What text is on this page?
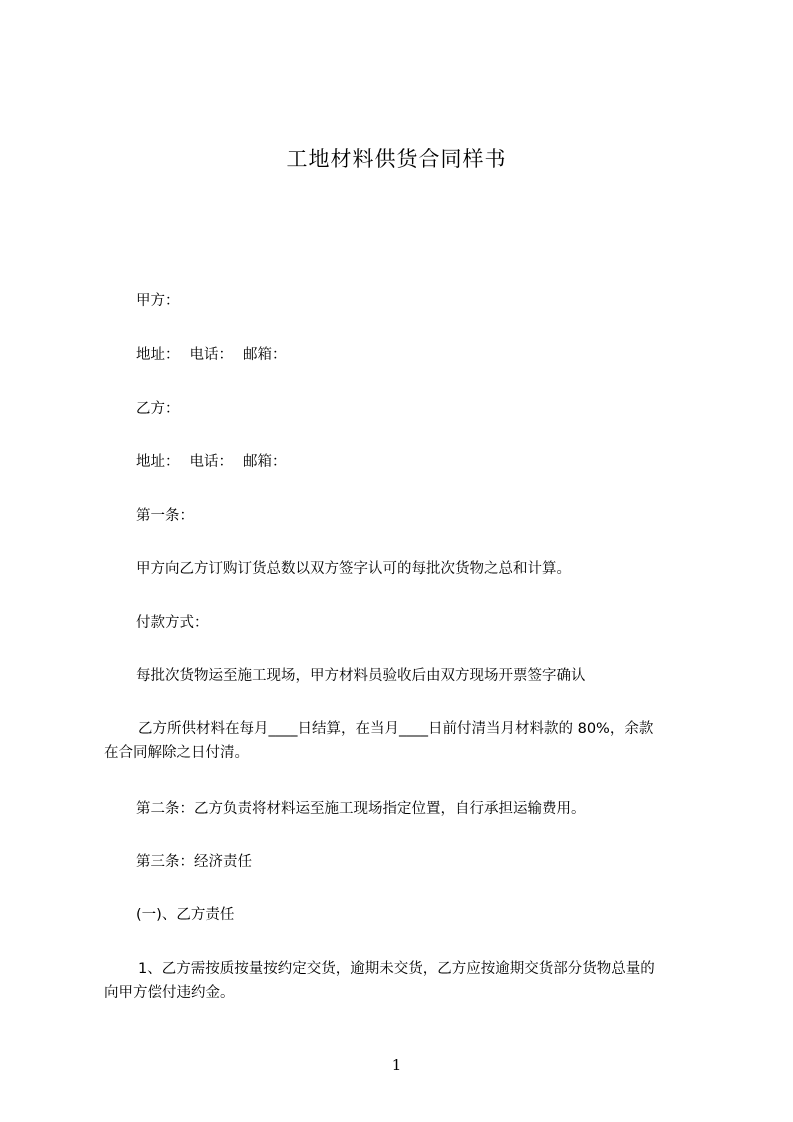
工地材料供货合同样书
甲方：
地址： 电话： 邮箱：
乙方：
地址： 电话： 邮箱：
第一条：
甲方向乙方订购订货总数以双方签字认可的每批次货物之总和计算。
付款方式：
每批次货物运至施工现场，甲方材料员验收后由双方现场开票签字确认
乙方所供材料在每月____日结算，在当月____日前付清当月材料款的 80%，余款
在合同解除之日付清。
第二条：乙方负责将材料运至施工现场指定位置，自行承担运输费用。
第三条：经济责任
(一)、乙方责任
1、乙方需按质按量按约定交货，逾期未交货，乙方应按逾期交货部分货物总量的
向甲方偿付违约金。
1
